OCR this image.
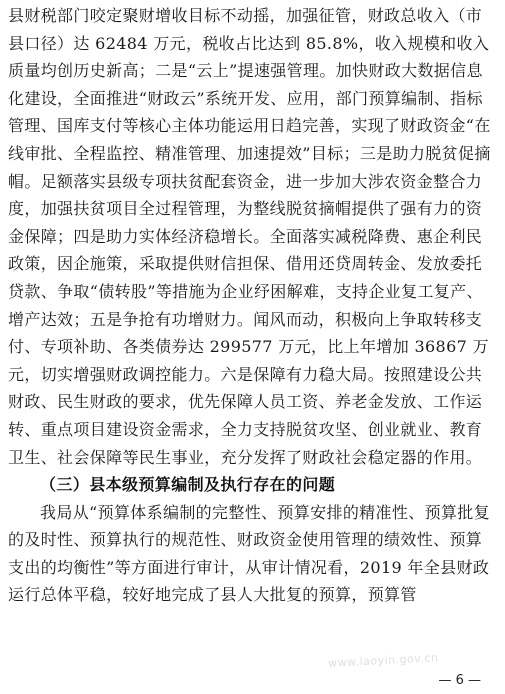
县财税部门咬定聚财增收目标不动摇，加强征管，财政总收入（市县口径）达 62484 万元，税收占比达到 85.8%，收入规模和收入质量均创历史新高；二是“云上”提速强管理。加快财政大数据信息化建设，全面推进“财政云”系统开发、应用，部门预算编制、指标管理、国库支付等核心主体功能运用日趋完善，实现了财政资金“在线审批、全程监控、精准管理、加速提效”目标；三是助力脱贫促摘帽。足额落实县级专项扶贫配套资金，进一步加大涉农资金整合力度，加强扶贫项目全过程管理，为整线脱贫摘帽提供了强有力的资金保障；四是助力实体经济稳增长。全面落实减税降费、惠企利民政策，因企施策，采取提供财信担保、借用还贷周转金、发放委托贷款、争取“债转股”等措施为企业纾困解难，支持企业复工复产、增产达效；五是争抢有功增财力。闻风而动，积极向上争取转移支付、专项补助、各类债券达 299577 万元，比上年增加 36867 万元，切实增强财政调控能力。六是保障有力稳大局。按照建设公共财政、民生财政的要求，优先保障人员工资、养老金发放、工作运转、重点项目建设资金需求，全力支持脱贫攻坚、创业就业、教育卫生、社会保障等民生事业，充分发挥了财政社会稳定器的作用。

（三）县本级预算编制及执行存在的问题

我局从“预算体系编制的完整性、预算安排的精准性、预算批复的及时性、预算执行的规范性、财政资金使用管理的绩效性、预算支出的均衡性”等方面进行审计，从审计情况看，2019 年全县财政运行总体平稳，较好地完成了县人大批复的预算，预算管

www.laoyin.gov.cn
— 6 —
